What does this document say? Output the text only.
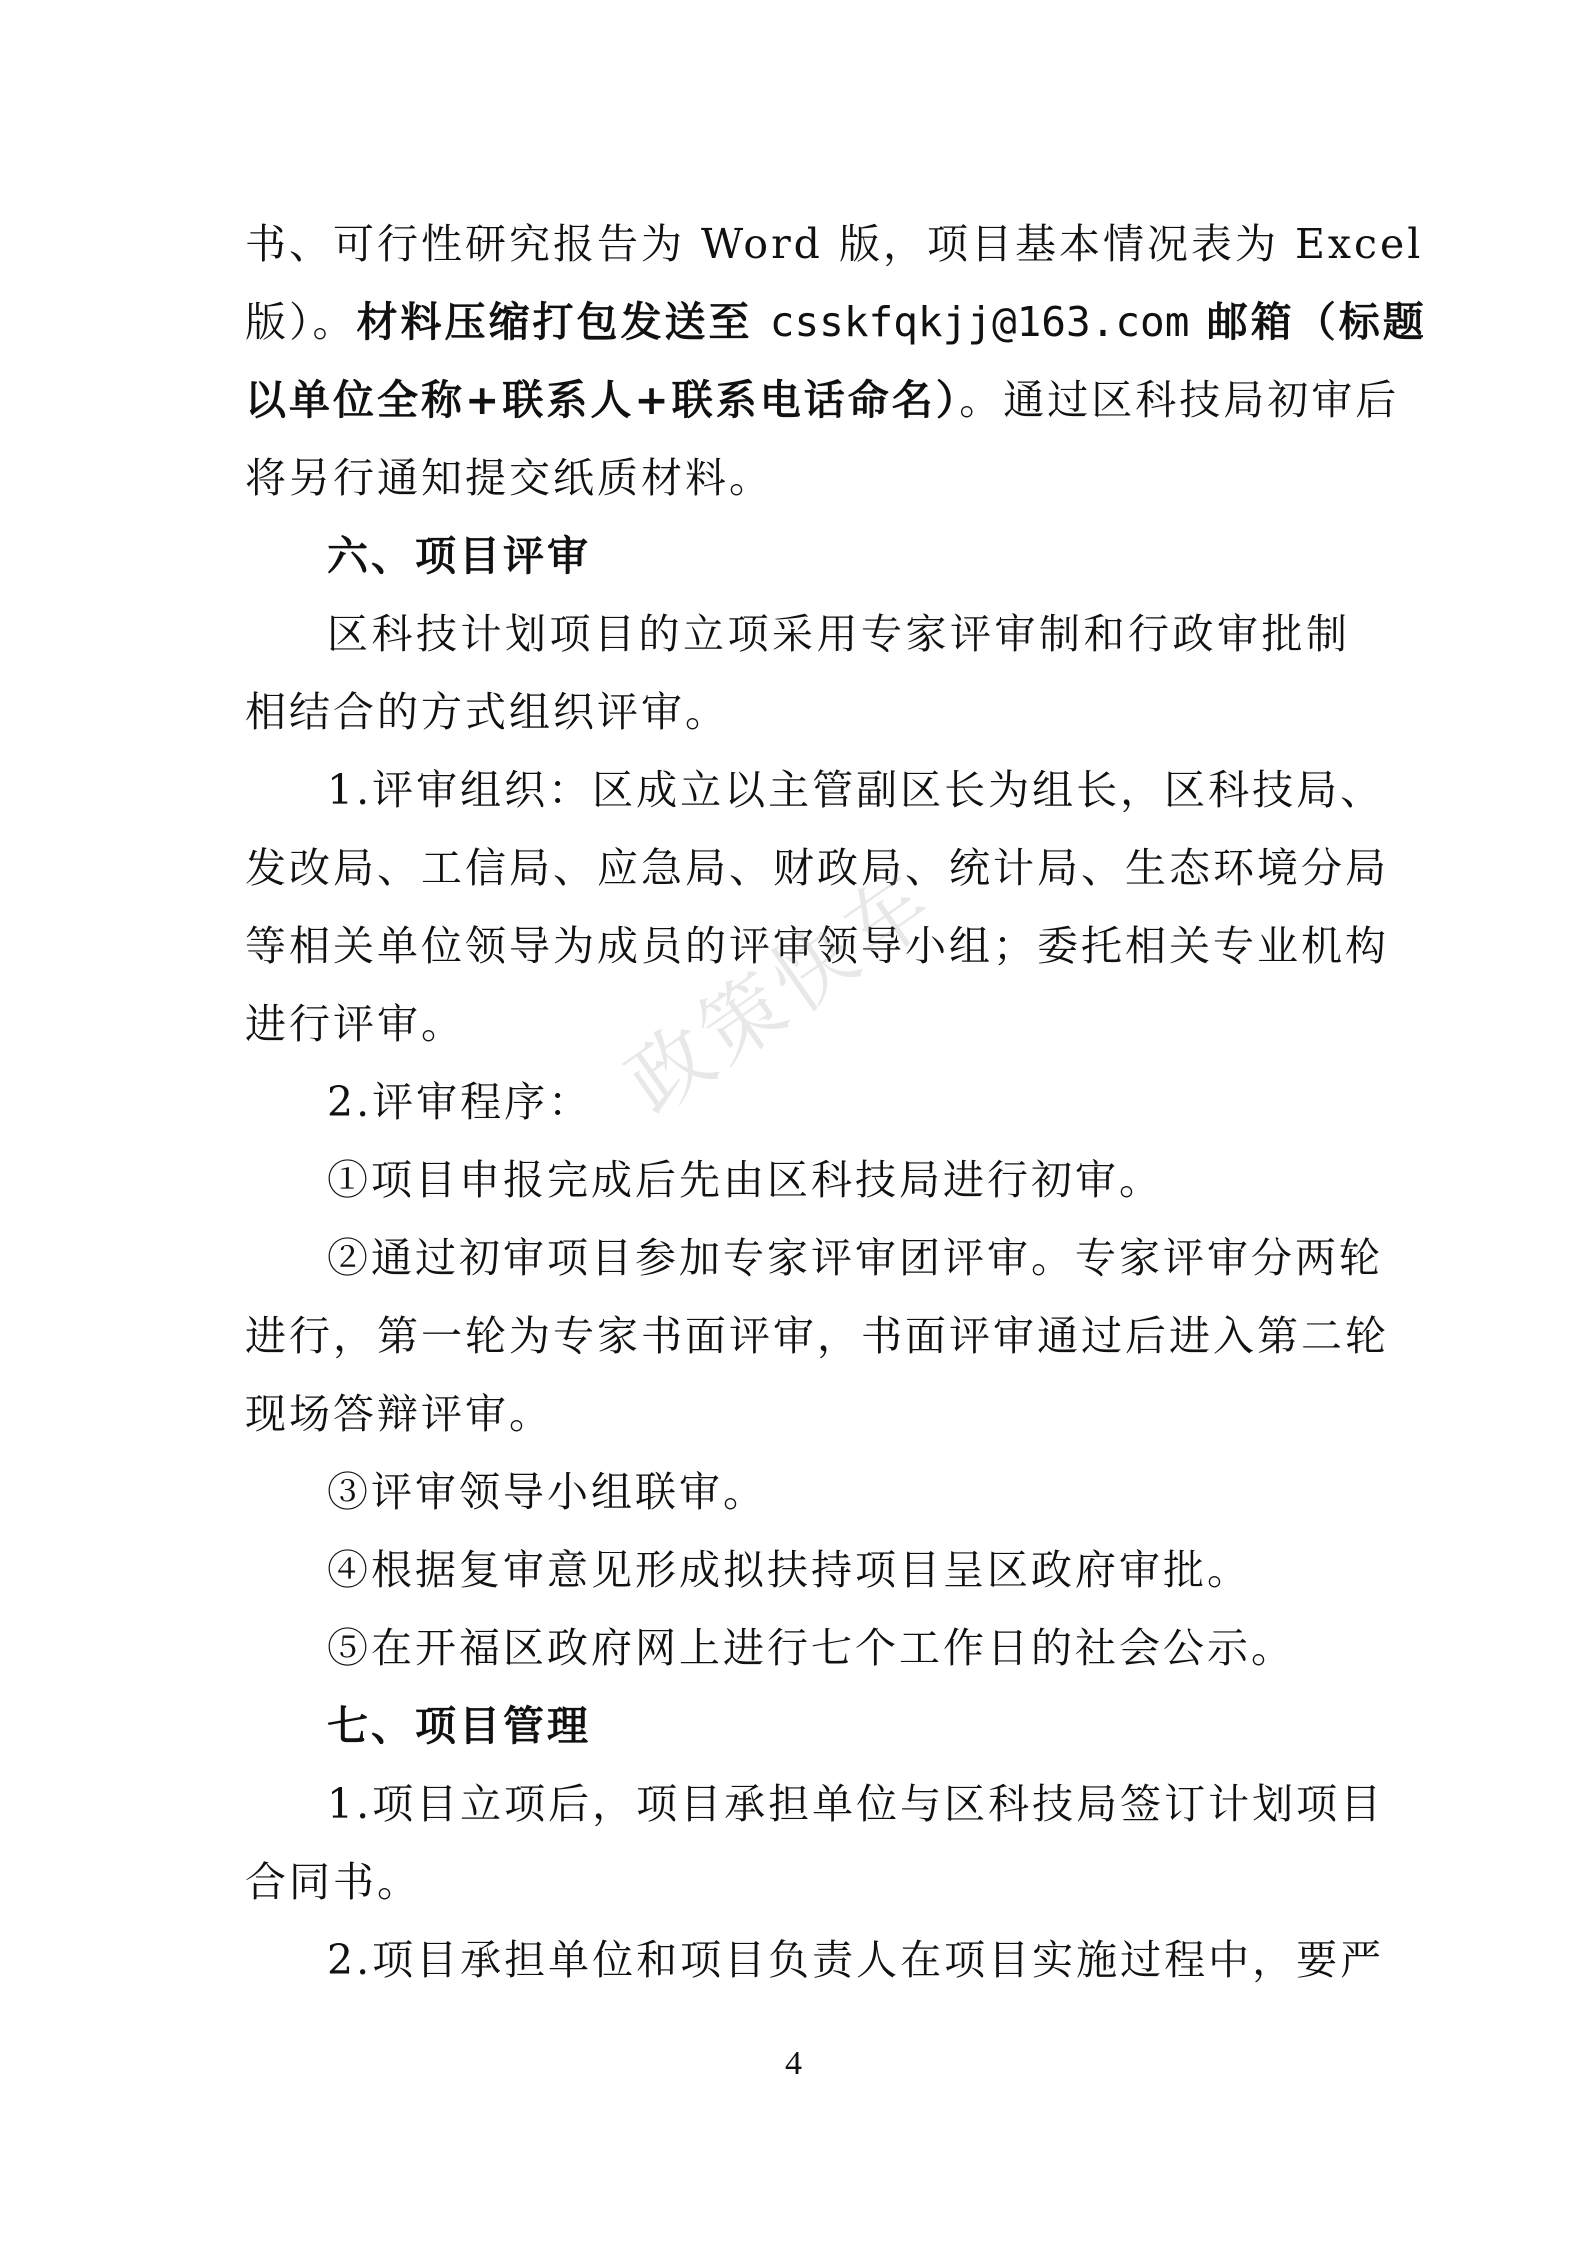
书、可行性研究报告为 Word 版，项目基本情况表为 Excel
版）。材料压缩打包发送至 csskfqkjj@163.com 邮箱（标题
以单位全称+联系人+联系电话命名）。通过区科技局初审后
将另行通知提交纸质材料。
六、项目评审
区科技计划项目的立项采用专家评审制和行政审批制
相结合的方式组织评审。
1.评审组织：区成立以主管副区长为组长，区科技局、
发改局、工信局、应急局、财政局、统计局、生态环境分局
等相关单位领导为成员的评审领导小组；委托相关专业机构
进行评审。
2.评审程序：
①项目申报完成后先由区科技局进行初审。
②通过初审项目参加专家评审团评审。专家评审分两轮
进行，第一轮为专家书面评审，书面评审通过后进入第二轮
现场答辩评审。
③评审领导小组联审。
④根据复审意见形成拟扶持项目呈区政府审批。
⑤在开福区政府网上进行七个工作日的社会公示。
七、项目管理
1.项目立项后，项目承担单位与区科技局签订计划项目
合同书。
2.项目承担单位和项目负责人在项目实施过程中，要严
政策快车
4
